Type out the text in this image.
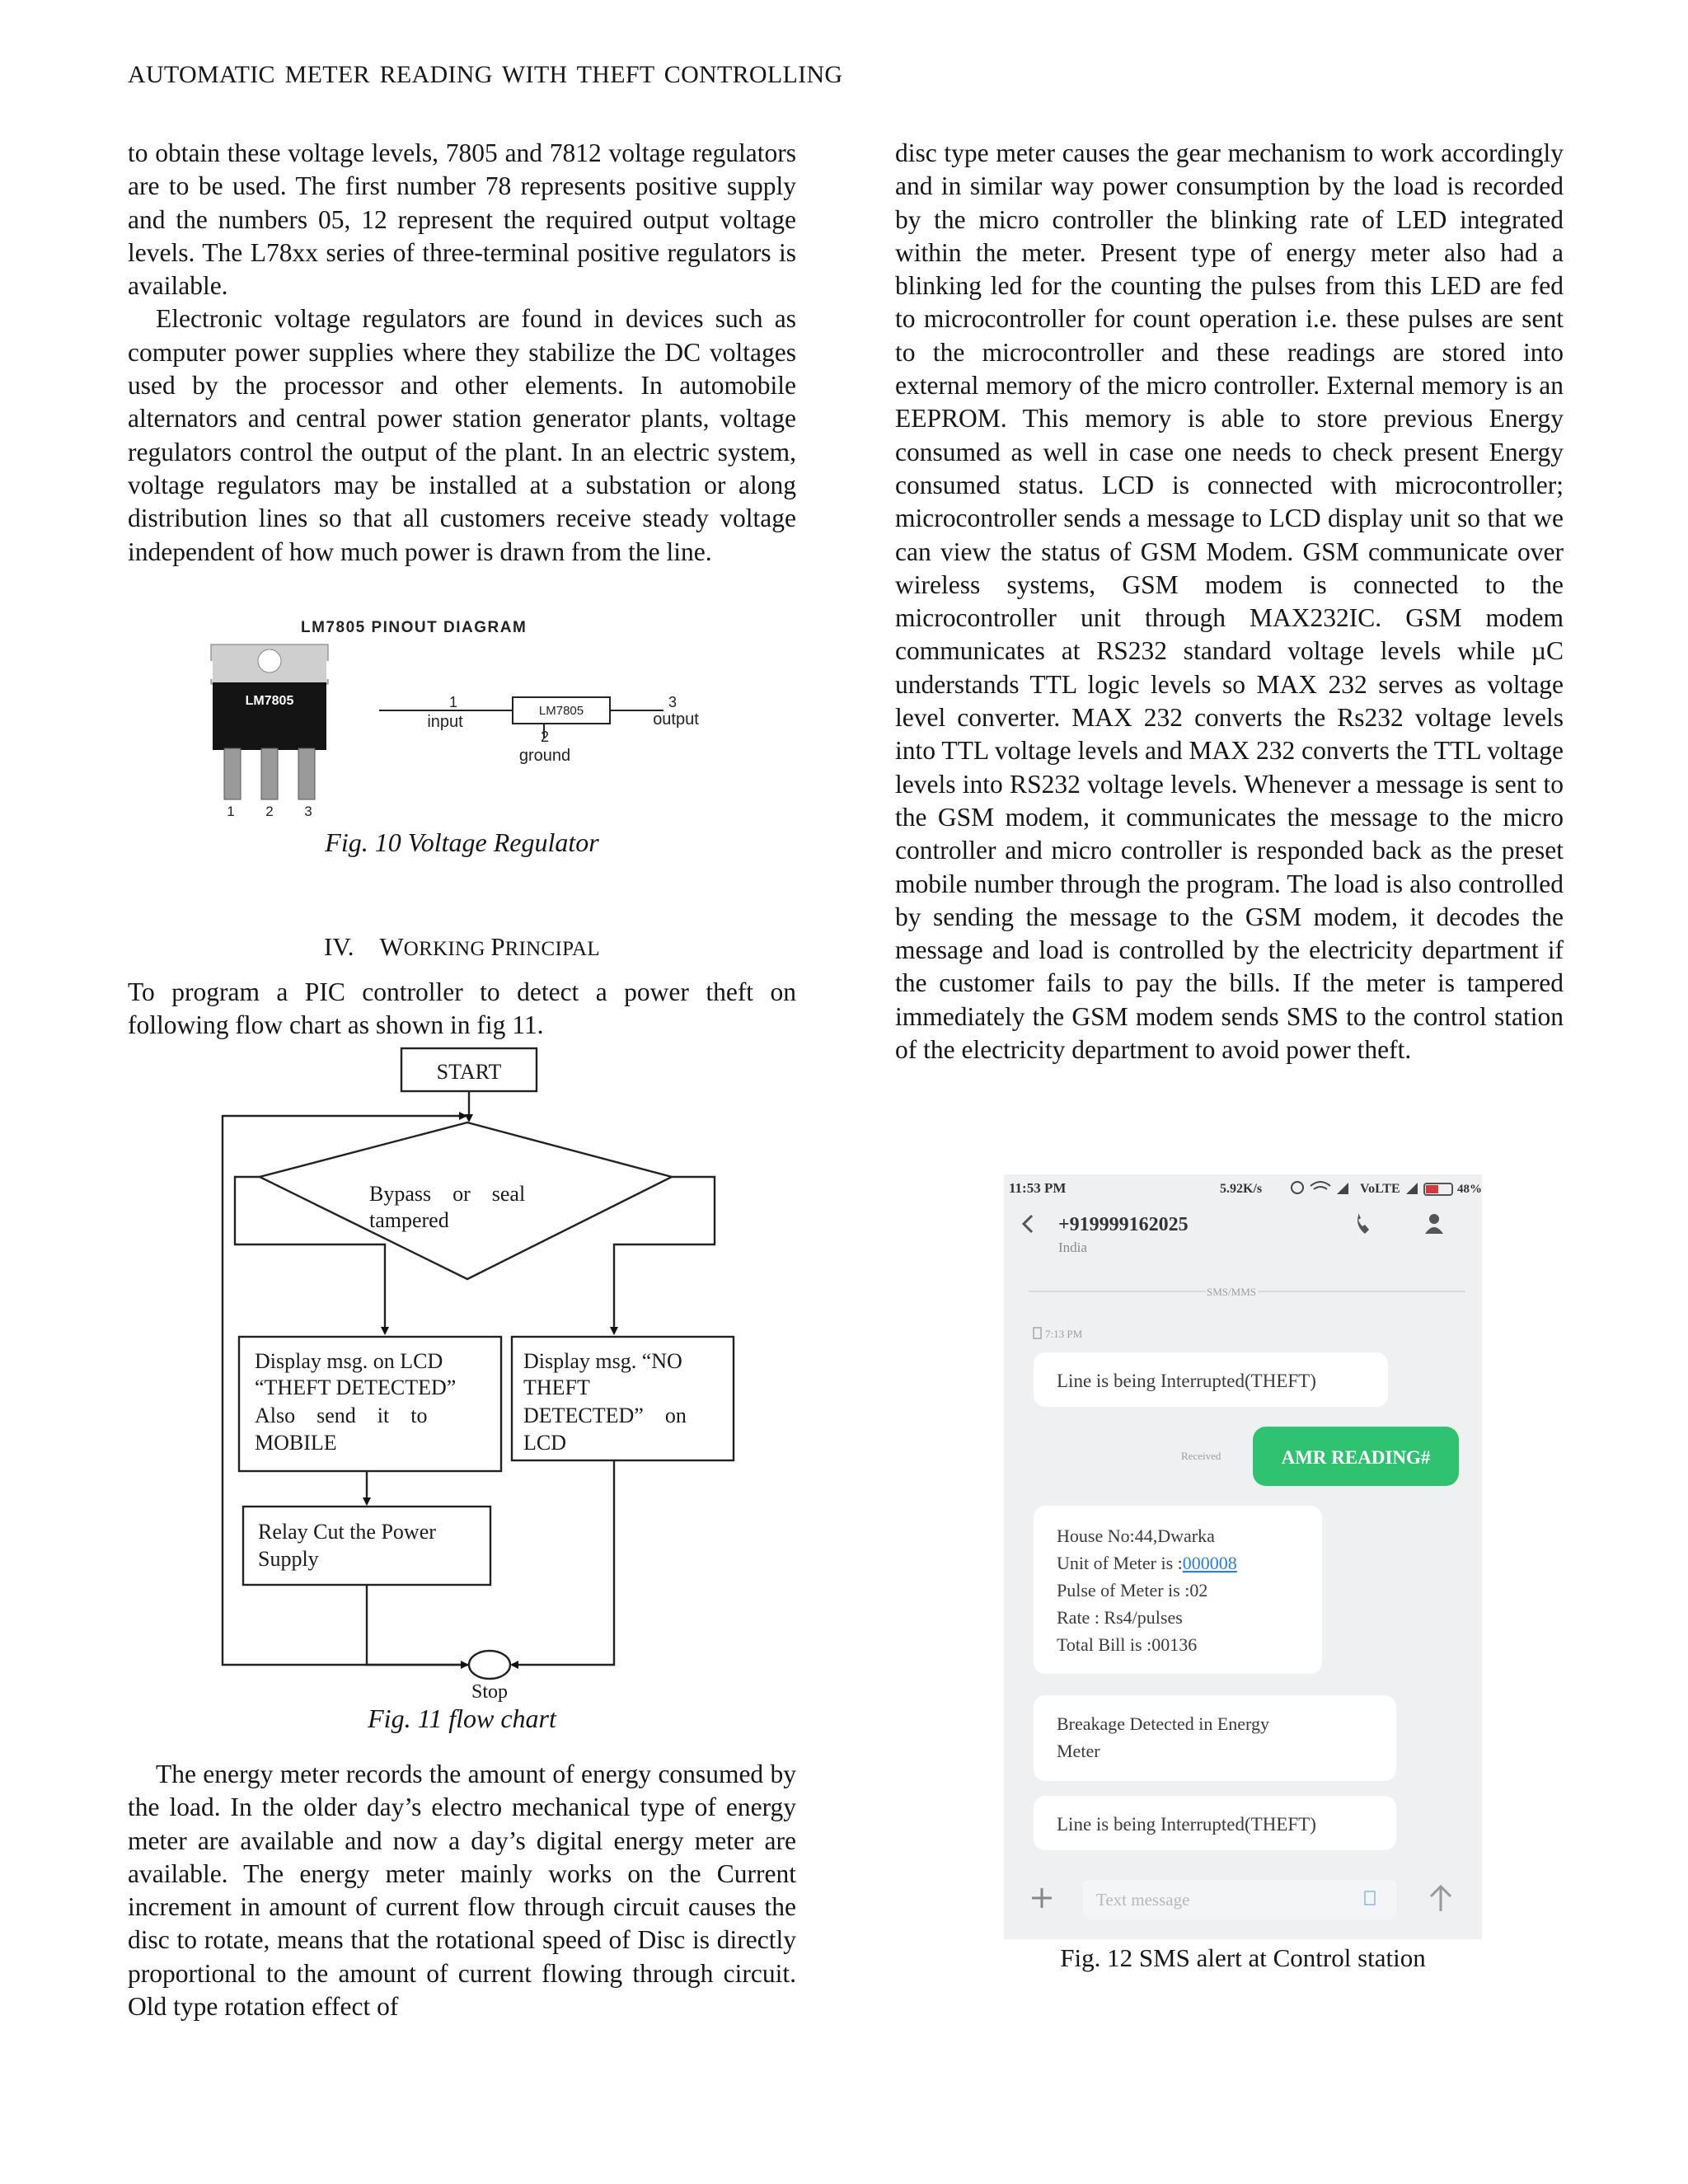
AUTOMATIC METER READING WITH THEFT CONTROLLING

to obtain these voltage levels, 7805 and 7812 voltage regulators are to be used. The first number 78 represents positive supply and the numbers 05, 12 represent the required output voltage levels. The L78xx series of three-terminal positive regulators is available.

Electronic voltage regulators are found in devices such as computer power supplies where they stabilize the DC voltages used by the processor and other elements. In automobile alternators and central power station generator plants, voltage regulators control the output of the plant. In an electric system, voltage regulators may be installed at a substation or along distribution lines so that all customers receive steady voltage independent of how much power is drawn from the line.

LM7805 PINOUT DIAGRAM
LM7805
1 2 3
LM7805
1
input
3
output
2
ground
Fig. 10 Voltage Regulator
IV. WORKING PRINCIPAL

To program a PIC controller to detect a power theft on following flow chart as shown in fig 11.

START
Bypass    or    seal
tampered
Display msg. on LCD
“THEFT DETECTED”
Also    send    it    to
MOBILE
Display msg. “NO
THEFT
DETECTED”    on
LCD
Relay Cut the Power
Supply
Stop
Fig. 11 flow chart

The energy meter records the amount of energy consumed by the load. In the older day’s electro mechanical type of energy meter are available and now a day’s digital energy meter are available. The energy meter mainly works on the Current increment in amount of current flow through circuit causes the disc to rotate, means that the rotational speed of Disc is directly proportional to the amount of current flowing through circuit. Old type rotation effect of

disc type meter causes the gear mechanism to work accordingly and in similar way power consumption by the load is recorded by the micro controller the blinking rate of LED integrated within the meter. Present type of energy meter also had a blinking led for the counting the pulses from this LED are fed to microcontroller for count operation i.e. these pulses are sent to the microcontroller and these readings are stored into external memory of the micro controller. External memory is an EEPROM. This memory is able to store previous Energy consumed as well in case one needs to check present Energy consumed status. LCD is connected with microcontroller; microcontroller sends a message to LCD display unit so that we can view the status of GSM Modem. GSM communicate over wireless systems, GSM modem is connected to the microcontroller unit through MAX232IC. GSM modem communicates at RS232 standard voltage levels while µC understands TTL logic levels so MAX 232 serves as voltage level converter. MAX 232 converts the Rs232 voltage levels into TTL voltage levels and MAX 232 converts the TTL voltage levels into RS232 voltage levels. Whenever a message is sent to the GSM modem, it communicates the message to the micro controller and micro controller is responded back as the preset mobile number through the program. The load is also controlled by sending the message to the GSM modem, it decodes the message and load is controlled by the electricity department if the customer fails to pay the bills. If the meter is tampered immediately the GSM modem sends SMS to the control station of the electricity department to avoid power theft.

11:53 PM	5.92K/s	VoLTE	48%
+919999162025
India
SMS/MMS
7:13 PM
Line is being Interrupted(THEFT)
Received	AMR READING#
House No:44,Dwarka
Unit of Meter is :000008
Pulse of Meter is :02
Rate : Rs4/pulses
Total Bill is :00136
Breakage Detected in Energy
Meter
Line is being Interrupted(THEFT)
Text message
Fig. 12 SMS alert at Control station
